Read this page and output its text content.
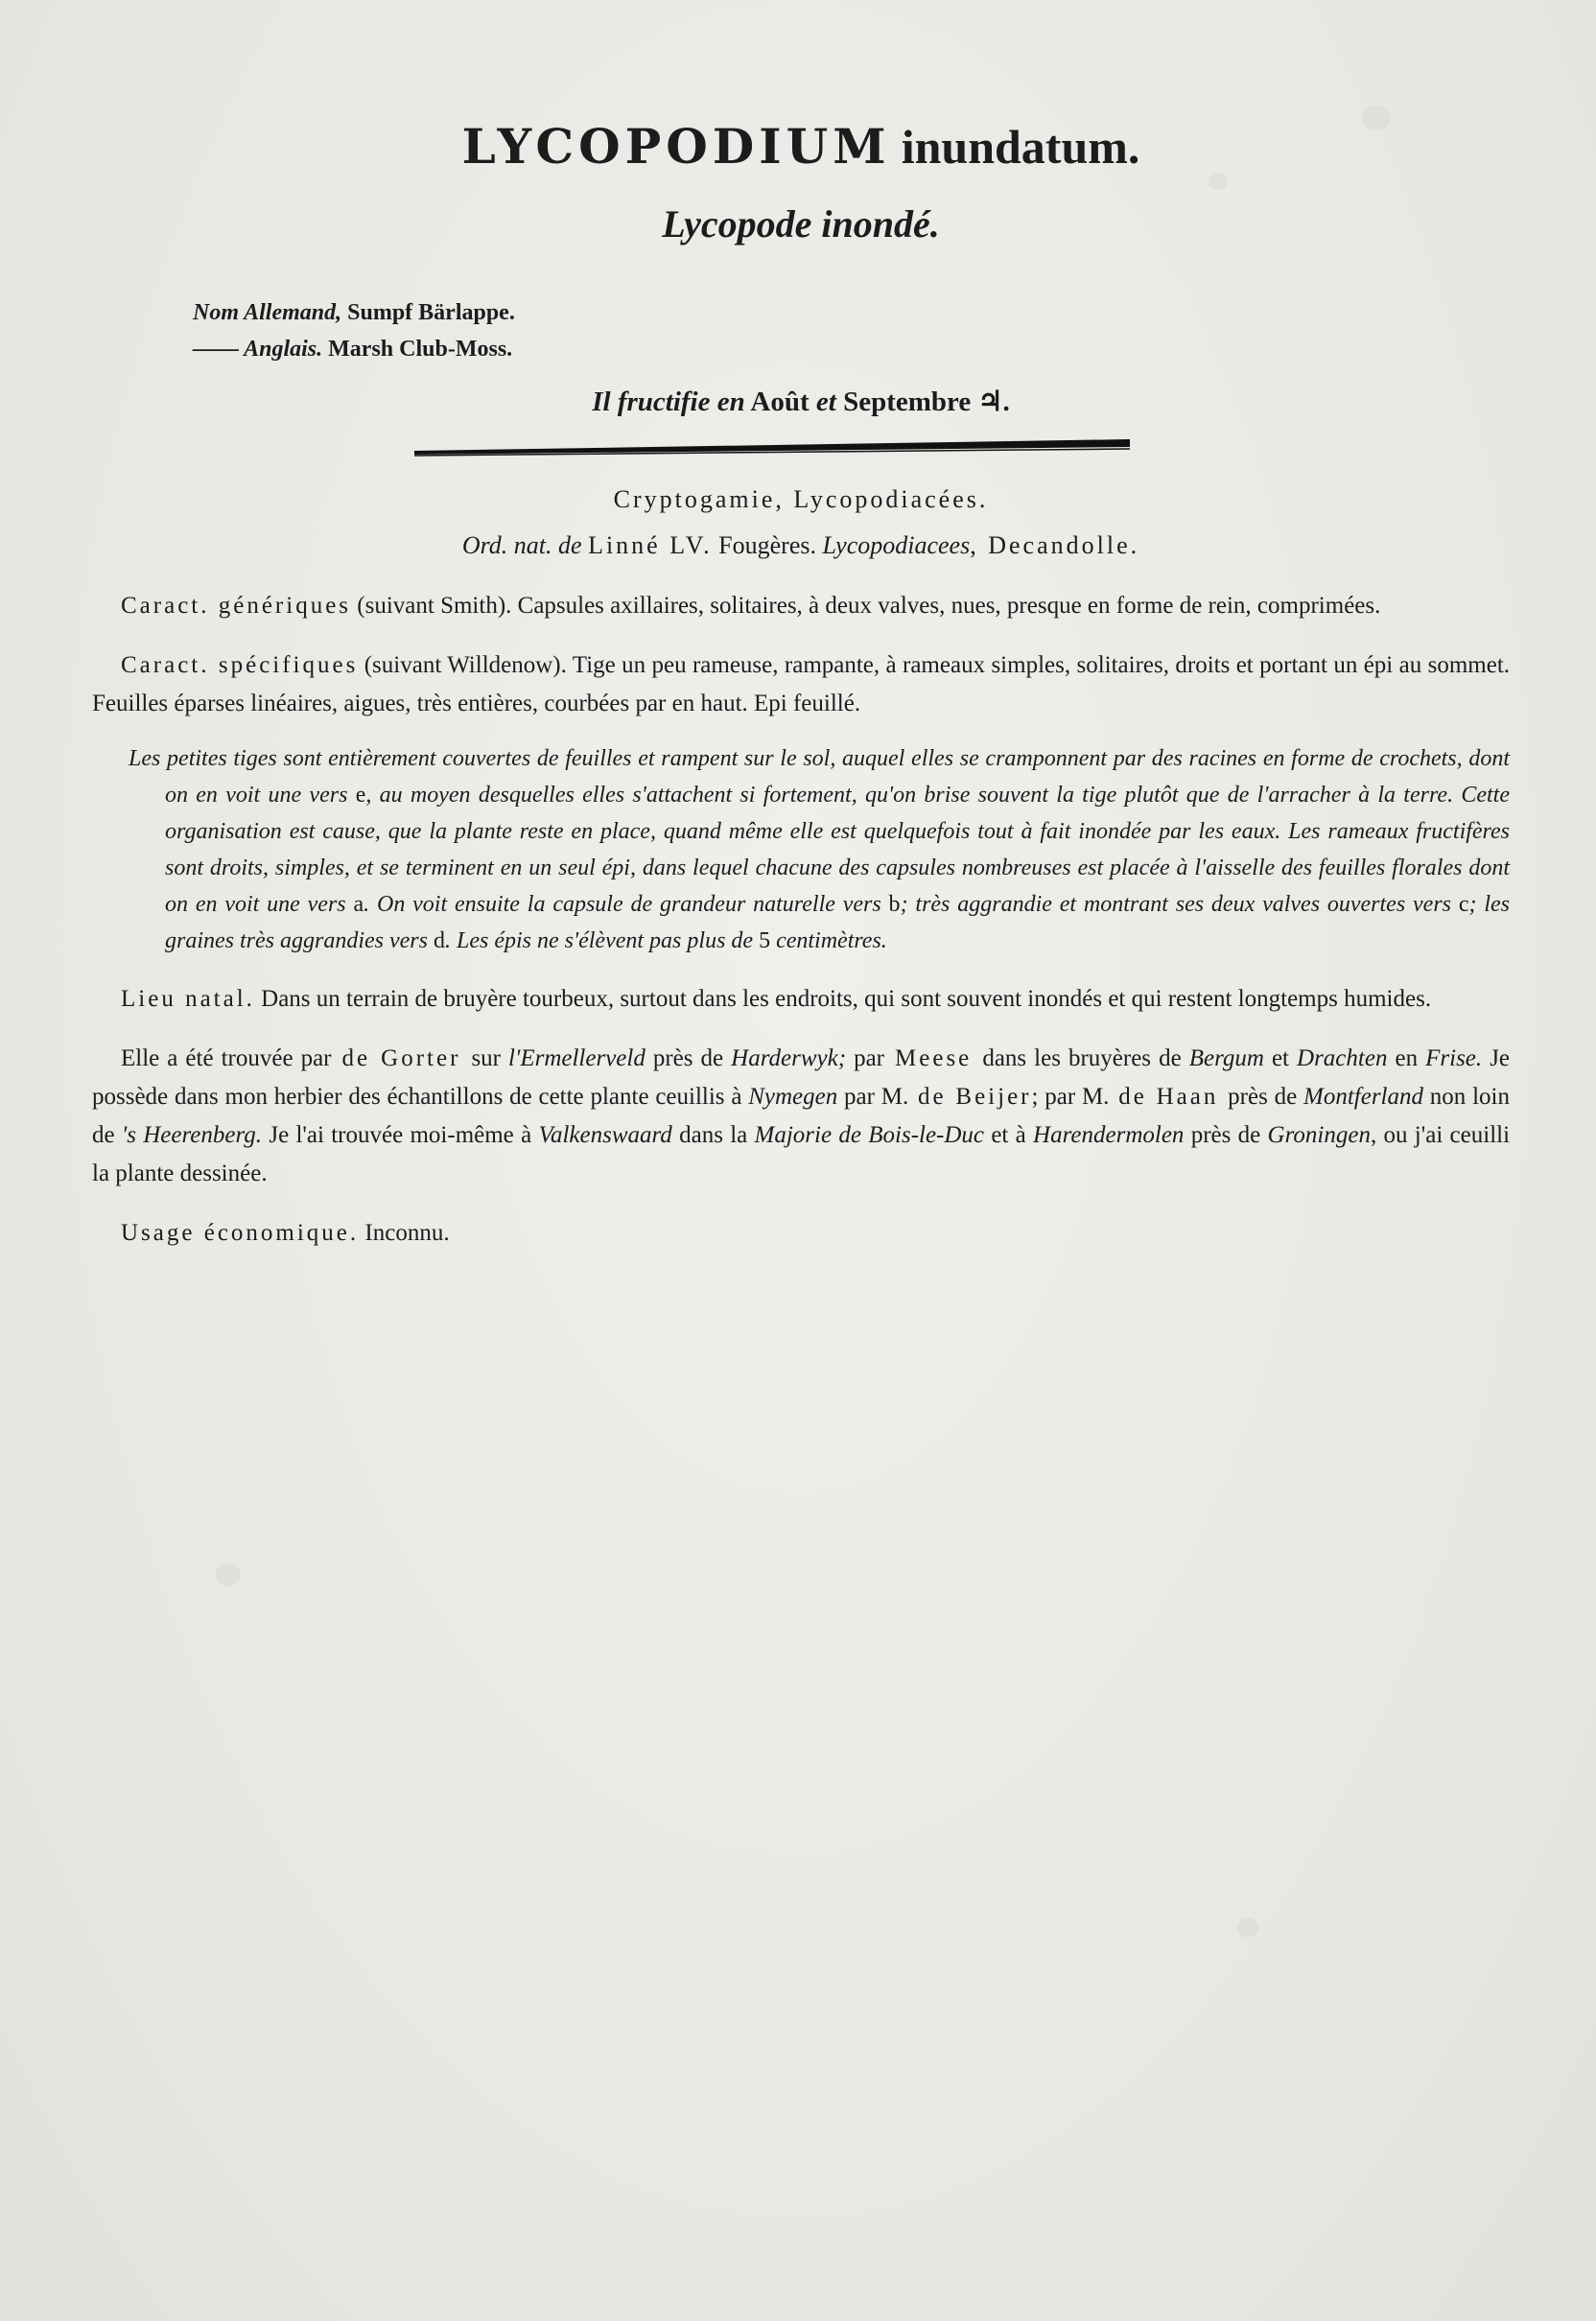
LYCOPODIUM inundatum.
Lycopode inondé.
Nom Allemand, Sumpf Bärlappe.
—— Anglais. Marsh Club-Moss.
Il fructifie en Août et Septembre ♃.
Cryptogamie, Lycopodiacées.
Ord. nat. de Linné LV. Fougères. Lycopodiacees, Decandolle.

Caract. génériques (suivant Smith). Capsules axillaires, solitaires, à deux valves, nues, presque en forme de rein, comprimées.

Caract. spécifiques (suivant Willdenow). Tige un peu rameuse, rampante, à rameaux simples, solitaires, droits et portant un épi au sommet. Feuilles éparses linéaires, aigues, très entières, courbées par en haut. Epi feuillé.

Les petites tiges sont entièrement couvertes de feuilles et rampent sur le sol, auquel elles se cramponnent par des racines en forme de crochets, dont on en voit une vers e, au moyen desquelles elles s'attachent si fortement, qu'on brise souvent la tige plutôt que de l'arracher à la terre. Cette organisation est cause, que la plante reste en place, quand même elle est quelquefois tout à fait inondée par les eaux. Les rameaux fructifères sont droits, simples, et se terminent en un seul épi, dans lequel chacune des capsules nombreuses est placée à l'aisselle des feuilles florales dont on en voit une vers a. On voit ensuite la capsule de grandeur naturelle vers b; très aggrandie et montrant ses deux valves ouvertes vers c; les graines très aggrandies vers d. Les épis ne s'élèvent pas plus de 5 centimètres.

Lieu natal. Dans un terrain de bruyère tourbeux, surtout dans les endroits, qui sont souvent inondés et qui restent longtemps humides.

Elle a été trouvée par de Gorter sur l'Ermellerveld près de Harderwyk; par Meese dans les bruyères de Bergum et Drachten en Frise. Je possède dans mon herbier des échantillons de cette plante ceuillis à Nymegen par M. de Beijer; par M. de Haan près de Montferland non loin de 's Heerenberg. Je l'ai trouvée moi-même à Valkenswaard dans la Majorie de Bois-le-Duc et à Harendermolen près de Groningen, ou j'ai ceuilli la plante dessinée.

Usage économique. Inconnu.
